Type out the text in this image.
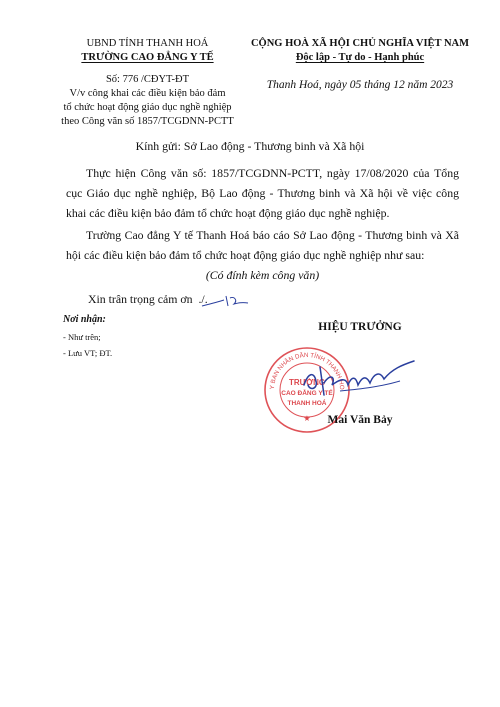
UBND TỈNH THANH HOÁ
TRƯỜNG CAO ĐẲNG Y TẾ
Số: 776 /CĐYT-ĐT
V/v công khai các điều kiện bảo đảm
tổ chức hoạt động giáo dục nghề nghiệp
theo Công văn số 1857/TCGDNN-PCTT
CỘNG HOÀ XÃ HỘI CHỦ NGHĨA VIỆT NAM
Độc lập - Tự do - Hạnh phúc
Thanh Hoá, ngày 05 tháng 12 năm 2023
Kính gửi: Sở Lao động - Thương binh và Xã hội
Thực hiện Công văn số: 1857/TCGDNN-PCTT, ngày 17/08/2020 của Tổng cục Giáo dục nghề nghiệp, Bộ Lao động - Thương binh và Xã hội về việc công khai các điều kiện bảo đảm tổ chức hoạt động giáo dục nghề nghiệp.
Trường Cao đẳng Y tế Thanh Hoá báo cáo Sở Lao động - Thương binh và Xã hội các điều kiện bảo đảm tổ chức hoạt động giáo dục nghề nghiệp như sau:
(Có đính kèm công văn)
Xin trân trọng cảm ơn ./.
Nơi nhận:
- Như trên;
- Lưu VT; ĐT.
HIỆU TRƯỞNG
ỦY BAN NHÂN DÂN TỈNH THANH HOÁ
TRƯỜNG
CAO ĐẲNG Y TẾ
THANH HOÁ
★	Mai Văn Bảy
